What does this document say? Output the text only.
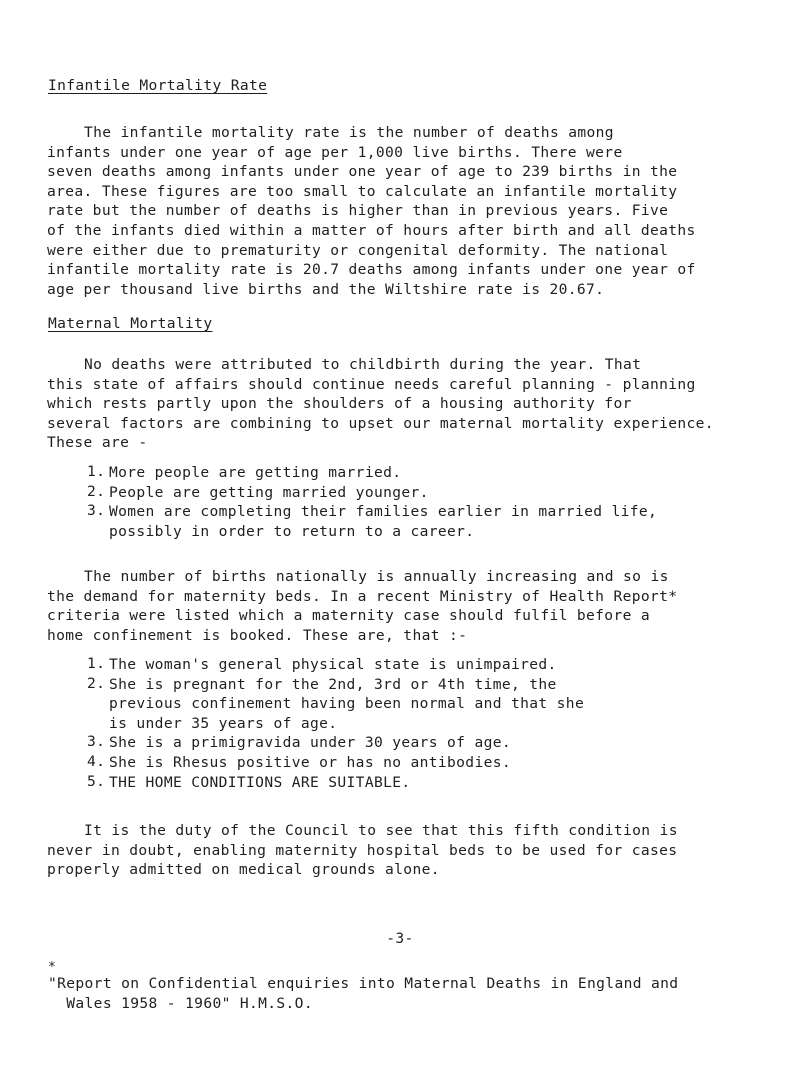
Infantile Mortality Rate
The infantile mortality rate is the number of deaths among
infants under one year of age per 1,000 live births. There were
seven deaths among infants under one year of age to 239 births in the
area. These figures are too small to calculate an infantile mortality
rate but the number of deaths is higher than in previous years. Five
of the infants died within a matter of hours after birth and all deaths
were either due to prematurity or congenital deformity. The national
infantile mortality rate is 20.7 deaths among infants under one year of
age per thousand live births and the Wiltshire rate is 20.67.
Maternal Mortality
No deaths were attributed to childbirth during the year. That
this state of affairs should continue needs careful planning - planning
which rests partly upon the shoulders of a housing authority for
several factors are combining to upset our maternal mortality experience.
These are -
1. More people are getting married.
2. People are getting married younger.
3. Women are completing their families earlier in married life,
possibly in order to return to a career.
The number of births nationally is annually increasing and so is
the demand for maternity beds. In a recent Ministry of Health Report*
criteria were listed which a maternity case should fulfil before a
home confinement is booked. These are, that :-
1. The woman's general physical state is unimpaired.
2. She is pregnant for the 2nd, 3rd or 4th time, the
previous confinement having been normal and that she
is under 35 years of age.
3. She is a primigravida under 30 years of age.
4. She is Rhesus positive or has no antibodies.
5. THE HOME CONDITIONS ARE SUITABLE.
It is the duty of the Council to see that this fifth condition is
never in doubt, enabling maternity hospital beds to be used for cases
properly admitted on medical grounds alone.
-3-
*
"Report on Confidential enquiries into Maternal Deaths in England and
Wales 1958 - 1960" H.M.S.O.
